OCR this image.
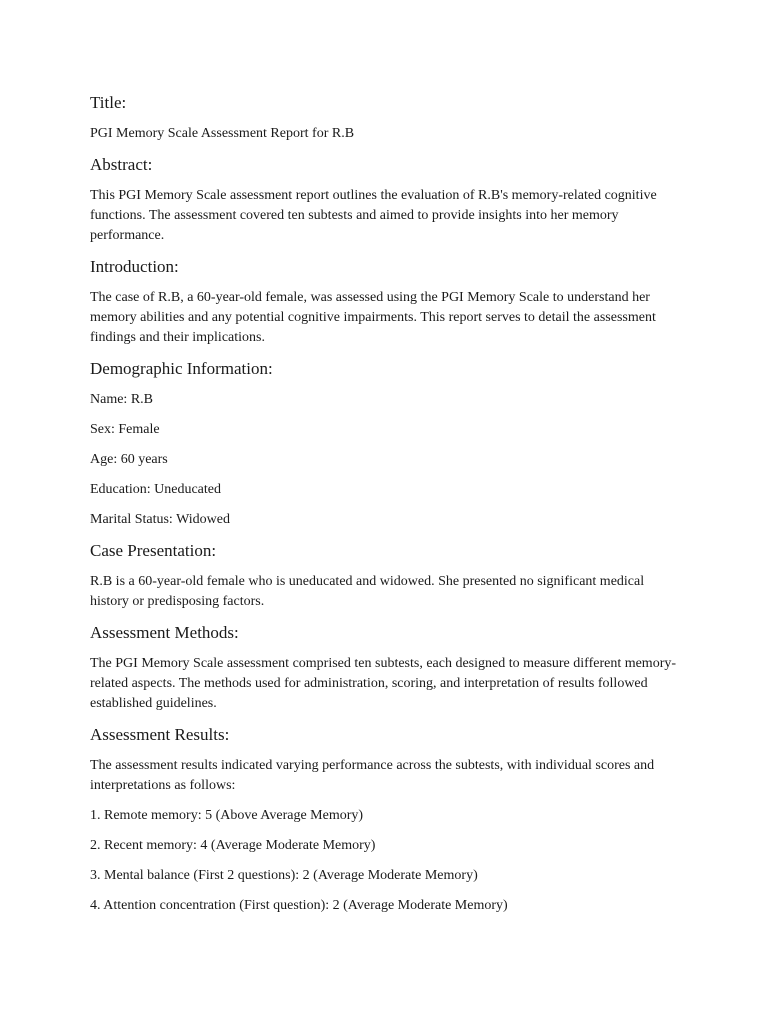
Title:

PGI Memory Scale Assessment Report for R.B

Abstract:

This PGI Memory Scale assessment report outlines the evaluation of R.B's memory-related cognitive functions. The assessment covered ten subtests and aimed to provide insights into her memory performance.

Introduction:

The case of R.B, a 60-year-old female, was assessed using the PGI Memory Scale to understand her memory abilities and any potential cognitive impairments. This report serves to detail the assessment findings and their implications.

Demographic Information:

Name: R.B

Sex: Female

Age: 60 years

Education: Uneducated

Marital Status: Widowed

Case Presentation:

R.B is a 60-year-old female who is uneducated and widowed. She presented no significant medical history or predisposing factors.

Assessment Methods:

The PGI Memory Scale assessment comprised ten subtests, each designed to measure different memory-related aspects. The methods used for administration, scoring, and interpretation of results followed established guidelines.

Assessment Results:

The assessment results indicated varying performance across the subtests, with individual scores and interpretations as follows:

1. Remote memory: 5 (Above Average Memory)

2. Recent memory: 4 (Average Moderate Memory)

3. Mental balance (First 2 questions): 2 (Average Moderate Memory)

4. Attention concentration (First question): 2 (Average Moderate Memory)
